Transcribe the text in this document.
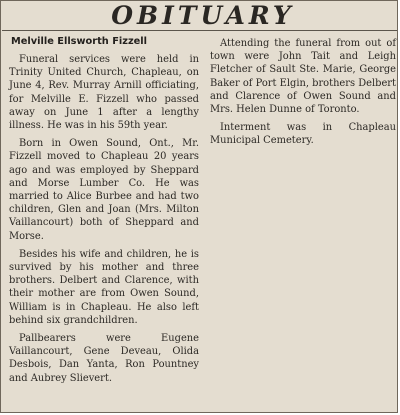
OBITUARY
Melville Ellsworth Fizzell

Funeral services were held in Trinity United Church, Chapleau, on June 4, Rev. Murray Arnill officiating, for Melville E. Fizzell who passed away on June 1 after a lengthy illness. He was in his 59th year.

Born in Owen Sound, Ont., Mr. Fizzell moved to Chapleau 20 years ago and was employed by Sheppard and Morse Lumber Co. He was married to Alice Burbee and had two children, Glen and Joan (Mrs. Milton Vaillancourt) both of Sheppard and Morse.

Besides his wife and children, he is survived by his mother and three brothers. Delbert and Clarence, with their mother are from Owen Sound, William is in Chapleau. He also left behind six grandchildren.

Pallbearers were Eugene Vaillancourt, Gene Deveau, Olida Desbois, Dan Yanta, Ron Pountney and Aubrey Slievert.

Attending the funeral from out of town were John Tait and Leigh Fletcher of Sault Ste. Marie, George Baker of Port Elgin, brothers Delbert and Clarence of Owen Sound and Mrs. Helen Dunne of Toronto.

Interment was in Chapleau Municipal Cemetery.
